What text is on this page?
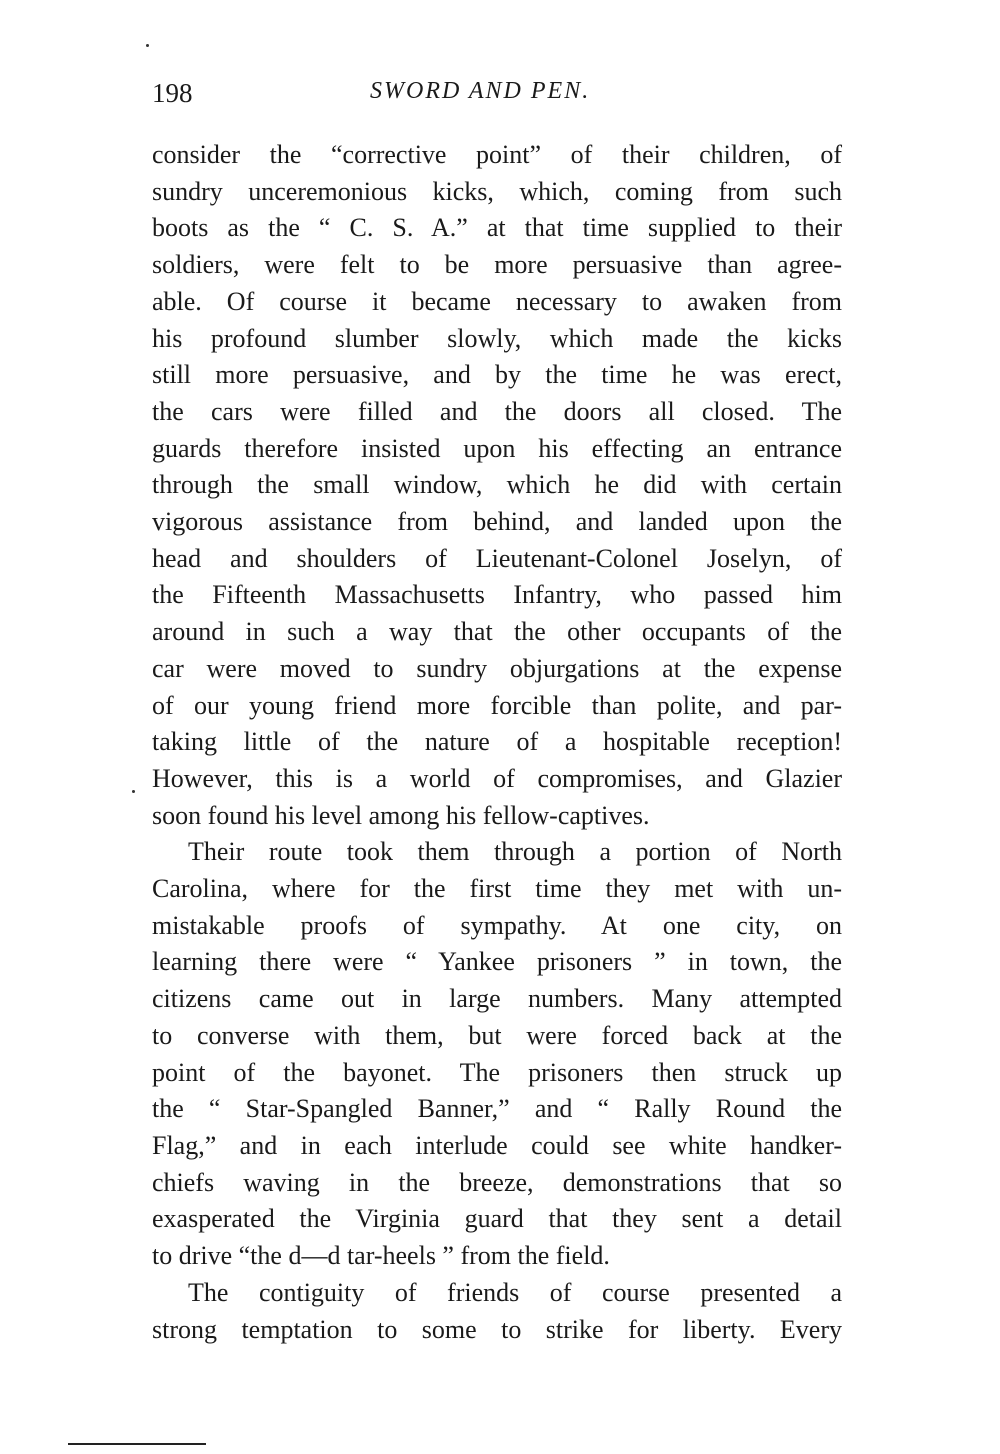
198	SWORD AND PEN.
consider the “corrective point” of their children, of
sundry unceremonious kicks, which, coming from such
boots as the “ C. S. A.” at that time supplied to their
soldiers, were felt to be more persuasive than agree-
able. Of course it became necessary to awaken from
his profound slumber slowly, which made the kicks
still more persuasive, and by the time he was erect,
the cars were filled and the doors all closed. The
guards therefore insisted upon his effecting an entrance
through the small window, which he did with certain
vigorous assistance from behind, and landed upon the
head and shoulders of Lieutenant-Colonel Joselyn, of
the Fifteenth Massachusetts Infantry, who passed him
around in such a way that the other occupants of the
car were moved to sundry objurgations at the expense
of our young friend more forcible than polite, and par-
taking little of the nature of a hospitable reception!
However, this is a world of compromises, and Glazier
soon found his level among his fellow-captives.
Their route took them through a portion of North
Carolina, where for the first time they met with un-
mistakable proofs of sympathy. At one city, on
learning there were “ Yankee prisoners ” in town, the
citizens came out in large numbers. Many attempted
to converse with them, but were forced back at the
point of the bayonet. The prisoners then struck up
the “ Star-Spangled Banner,” and “ Rally Round the
Flag,” and in each interlude could see white handker-
chiefs waving in the breeze, demonstrations that so
exasperated the Virginia guard that they sent a detail
to drive “the d—d tar-heels ” from the field.
The contiguity of friends of course presented a
strong temptation to some to strike for liberty. Every
